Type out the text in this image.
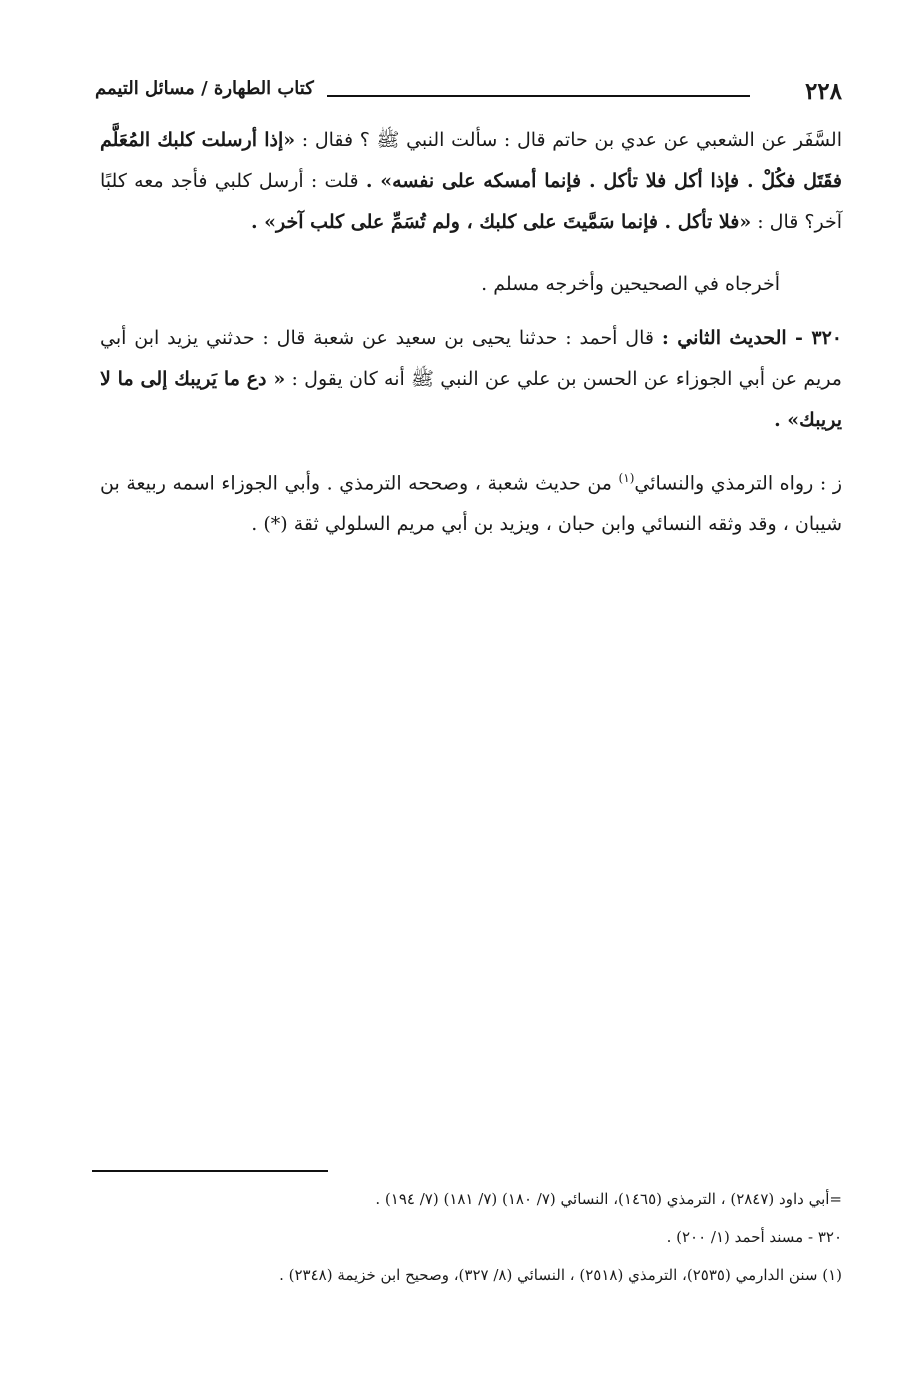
٢٢٨
كتاب الطهارة / مسائل التيمم

السَّفَر عن الشعبي عن عدي بن حاتم قال : سألت النبي ﷺ ؟ فقال : «إذا أرسلت كلبك المُعَلَّم فقَتَل فكُلْ . فإذا أكل فلا تأكل . فإنما أمسكه على نفسه» . قلت : أرسل كلبي فأجد معه كلبًا آخر؟ قال : «فلا تأكل . فإنما سَمَّيتَ على كلبك ، ولم تُسَمِّ على كلب آخر» .

أخرجاه في الصحيحين وأخرجه مسلم .

٣٢٠ - الحديث الثاني : قال أحمد : حدثنا يحيى بن سعيد عن شعبة قال : حدثني يزيد ابن أبي مريم عن أبي الجوزاء عن الحسن بن علي عن النبي ﷺ أنه كان يقول : « دع ما يَريبك إلى ما لا يريبك» .

ز : رواه الترمذي والنسائي$^{(١)}$ من حديث شعبة ، وصححه الترمذي . وأبي الجوزاء اسمه ربيعة بن شيبان ، وقد وثقه النسائي وابن حبان ، ويزيد بن أبي مريم السلولي ثقة (*) .

=أبي داود (٢٨٤٧) ، الترمذي (١٤٦٥)، النسائي (٧/ ١٨٠) (٧/ ١٨١) (٧/ ١٩٤) .
٣٢٠ - مسند أحمد (١/ ٢٠٠) .
(١) سنن الدارمي (٢٥٣٥)، الترمذي (٢٥١٨) ، النسائي (٨/ ٣٢٧)، وصحيح ابن خزيمة (٢٣٤٨) .
